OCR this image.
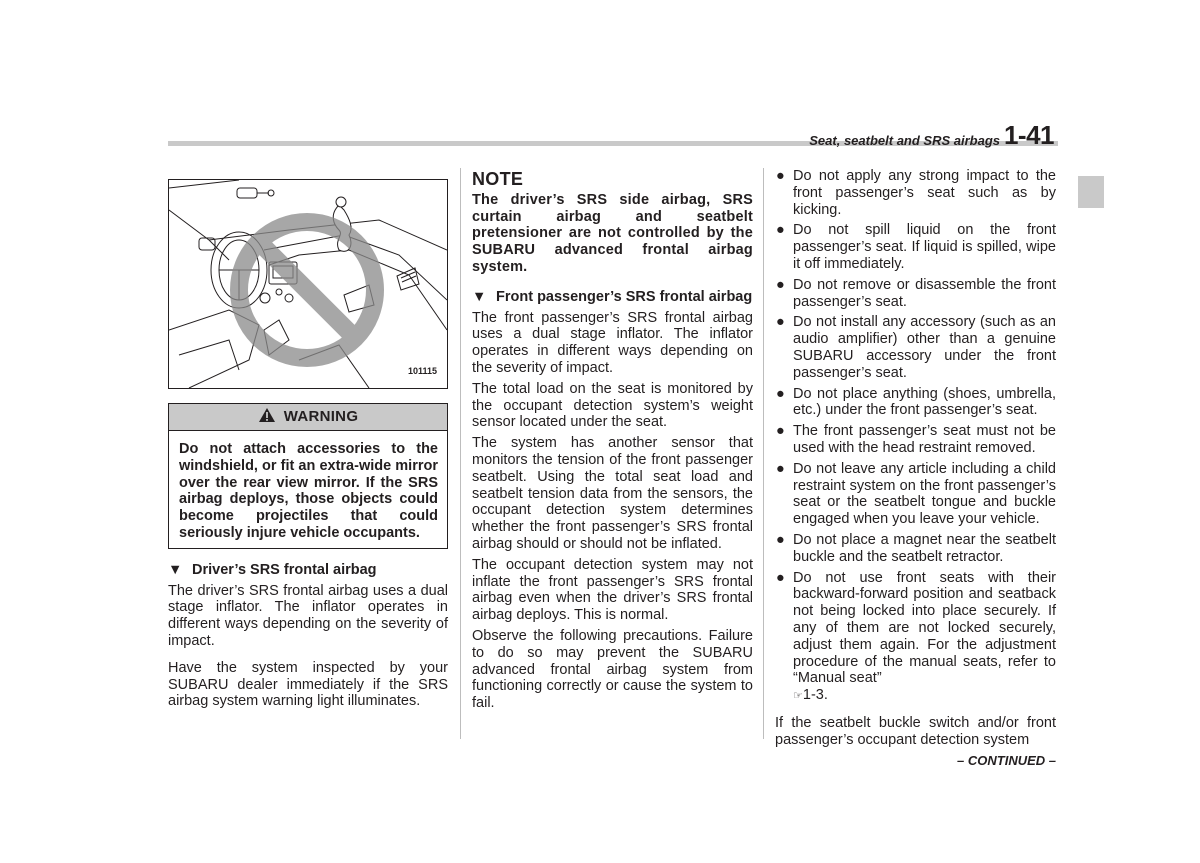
Seat, seatbelt and SRS airbags 1-41
101115
WARNING
Do not attach accessories to the windshield, or fit an extra-wide mirror over the rear view mirror. If the SRS airbag deploys, those objects could become projectiles that could seriously injure vehicle occupants.
▼ Driver’s SRS frontal airbag

The driver’s SRS frontal airbag uses a dual stage inflator. The inflator operates in different ways depending on the severity of impact.

Have the system inspected by your SUBARU dealer immediately if the SRS airbag system warning light illuminates.

NOTE
The driver’s SRS side airbag, SRS curtain airbag and seatbelt pretensioner are not controlled by the SUBARU advanced frontal airbag system.
▼ Front passenger’s SRS frontal airbag

The front passenger’s SRS frontal airbag uses a dual stage inflator. The inflator operates in different ways depending on the severity of impact.

The total load on the seat is monitored by the occupant detection system’s weight sensor located under the seat.

The system has another sensor that monitors the tension of the front passenger seatbelt. Using the total seat load and seatbelt tension data from the sensors, the occupant detection system determines whether the front passenger’s SRS frontal airbag should or should not be inflated.

The occupant detection system may not inflate the front passenger’s SRS frontal airbag even when the driver’s SRS frontal airbag deploys. This is normal.

Observe the following precautions. Failure to do so may prevent the SUBARU advanced frontal airbag system from functioning correctly or cause the system to fail.

● Do not apply any strong impact to the front passenger’s seat such as by kicking.
● Do not spill liquid on the front passenger’s seat. If liquid is spilled, wipe it off immediately.
● Do not remove or disassemble the front passenger’s seat.
● Do not install any accessory (such as an audio amplifier) other than a genuine SUBARU accessory under the front passenger’s seat.
● Do not place anything (shoes, umbrella, etc.) under the front passenger’s seat.
● The front passenger’s seat must not be used with the head restraint removed.
● Do not leave any article including a child restraint system on the front passenger’s seat or the seatbelt tongue and buckle engaged when you leave your vehicle.
● Do not place a magnet near the seatbelt buckle and the seatbelt retractor.
● Do not use front seats with their backward-forward position and seatback not being locked into place securely. If any of them are not locked securely, adjust them again. For the adjustment procedure of the manual seats, refer to “Manual seat”
☞1-3.

If the seatbelt buckle switch and/or front passenger’s occupant detection system

– CONTINUED –
